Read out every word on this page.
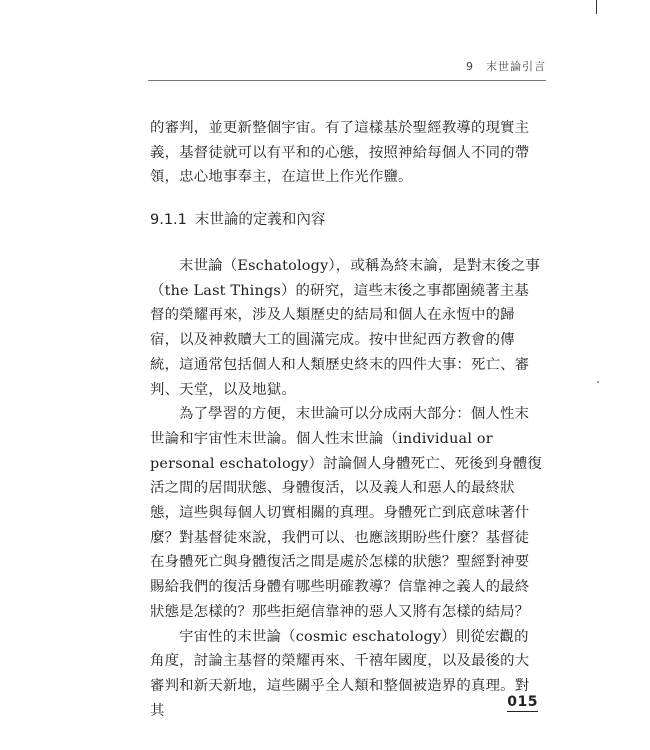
9 末世論引言

的審判，並更新整個宇宙。有了這樣基於聖經教導的現實主義，基督徒就可以有平和的心態，按照神給每個人不同的帶領，忠心地事奉主，在這世上作光作鹽。

9.1.1 末世論的定義和內容

末世論（Eschatology），或稱為終末論，是對末後之事（the Last Things）的研究，這些末後之事都圍繞著主基督的榮耀再來，涉及人類歷史的結局和個人在永恆中的歸宿，以及神救贖大工的圓滿完成。按中世紀西方教會的傳統，這通常包括個人和人類歷史終末的四件大事：死亡、審判、天堂，以及地獄。

為了學習的方便，末世論可以分成兩大部分：個人性末世論和宇宙性末世論。個人性末世論（individual or personal eschatology）討論個人身體死亡、死後到身體復活之間的居間狀態、身體復活，以及義人和惡人的最終狀態，這些與每個人切實相關的真理。身體死亡到底意味著什麼？對基督徒來說，我們可以、也應該期盼些什麼？基督徒在身體死亡與身體復活之間是處於怎樣的狀態？聖經對神要賜給我們的復活身體有哪些明確教導？信靠神之義人的最終狀態是怎樣的？那些拒絕信靠神的惡人又將有怎樣的結局？

宇宙性的末世論（cosmic eschatology）則從宏觀的角度，討論主基督的榮耀再來、千禧年國度，以及最後的大審判和新天新地，這些關乎全人類和整個被造界的真理。對其

015
